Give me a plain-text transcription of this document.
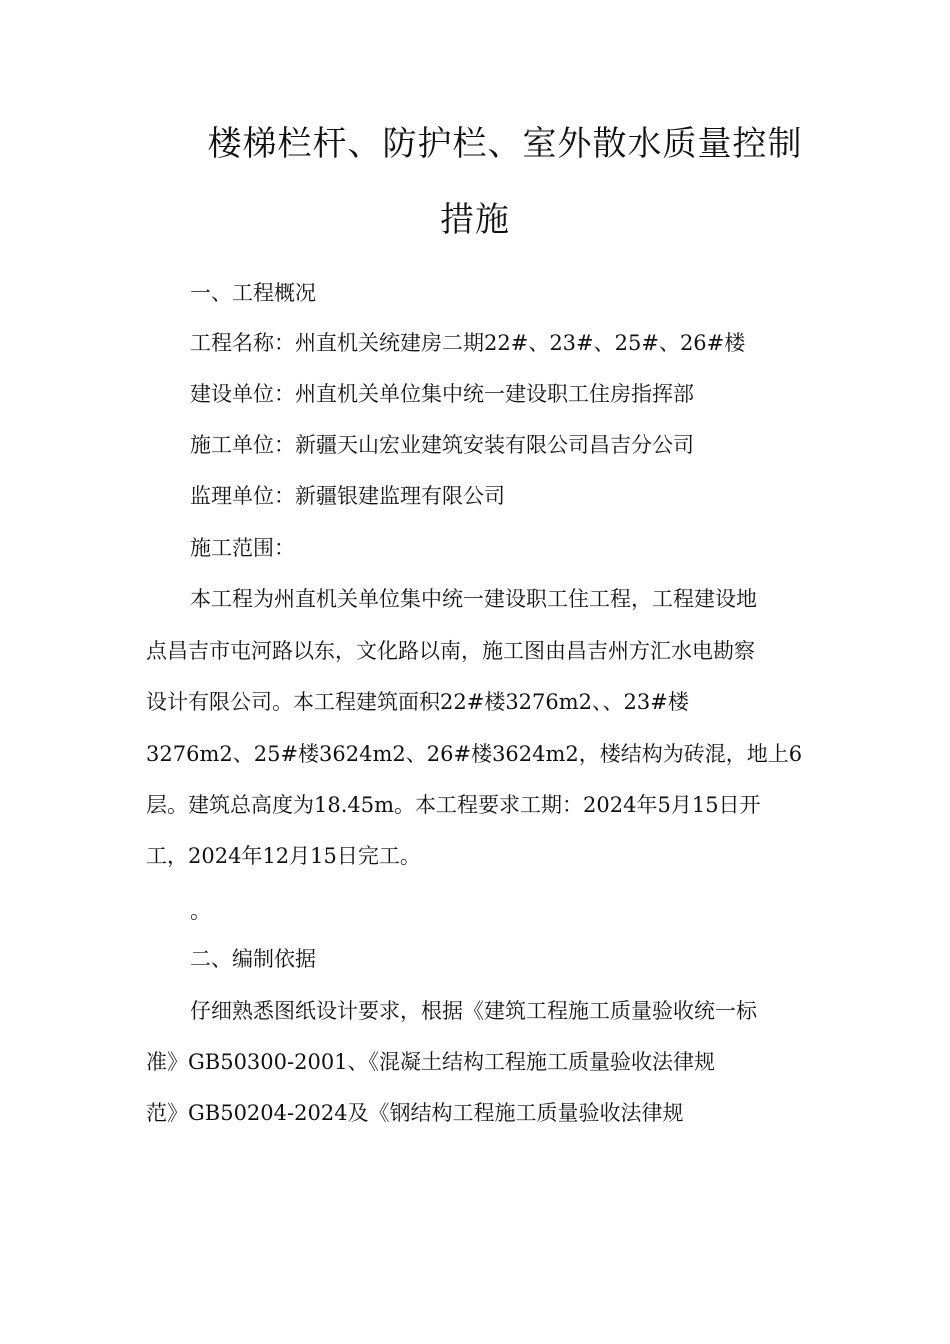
楼梯栏杆、防护栏、室外散水质量控制
措施
一、工程概况
工程名称：州直机关统建房二期22#、23#、25#、26#楼
建设单位：州直机关单位集中统一建设职工住房指挥部
施工单位：新疆天山宏业建筑安装有限公司昌吉分公司
监理单位：新疆银建监理有限公司
施工范围：
本工程为州直机关单位集中统一建设职工住工程，工程建设地
点昌吉市屯河路以东，文化路以南，施工图由昌吉州方汇水电勘察
设计有限公司。本工程建筑面积22#楼3276m2、、23#楼
3276m2、25#楼3624m2、26#楼3624m2，楼结构为砖混，地上6
层。建筑总高度为18.45m。本工程要求工期：2024年5月15日开
工，2024年12月15日完工。
。
二、编制依据
仔细熟悉图纸设计要求，根据《建筑工程施工质量验收统一标
准》GB50300-2001、《混凝土结构工程施工质量验收法律规
范》GB50204-2024及《钢结构工程施工质量验收法律规
